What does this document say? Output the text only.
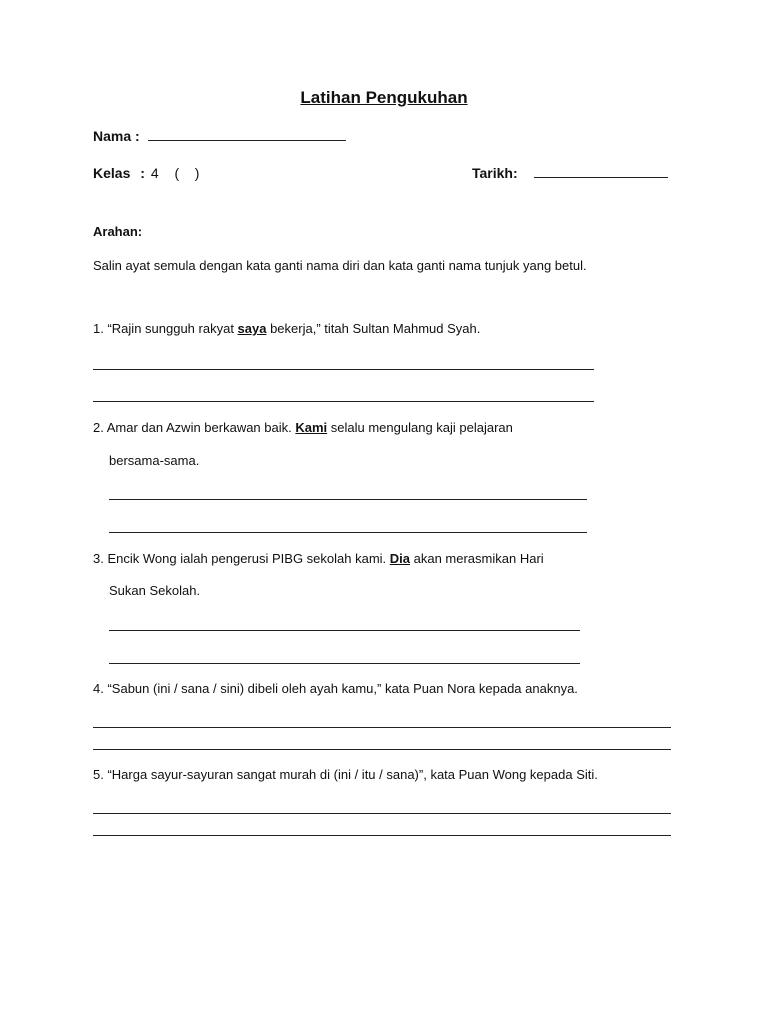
Latihan Pengukuhan
Nama :
Kelas : 4 (    )	Tarikh:
Arahan:
Salin ayat semula dengan kata ganti nama diri dan kata ganti nama tunjuk yang betul.
1. “Rajin sungguh rakyat saya bekerja,” titah Sultan Mahmud Syah.
2. Amar dan Azwin berkawan baik. Kami selalu mengulang kaji pelajaran
bersama-sama.
3. Encik Wong ialah pengerusi PIBG sekolah kami. Dia akan merasmikan Hari
Sukan Sekolah.
4. “Sabun (ini / sana / sini) dibeli oleh ayah kamu,” kata Puan Nora kepada anaknya.
5. “Harga sayur-sayuran sangat murah di (ini / itu / sana)”, kata Puan Wong kepada Siti.
